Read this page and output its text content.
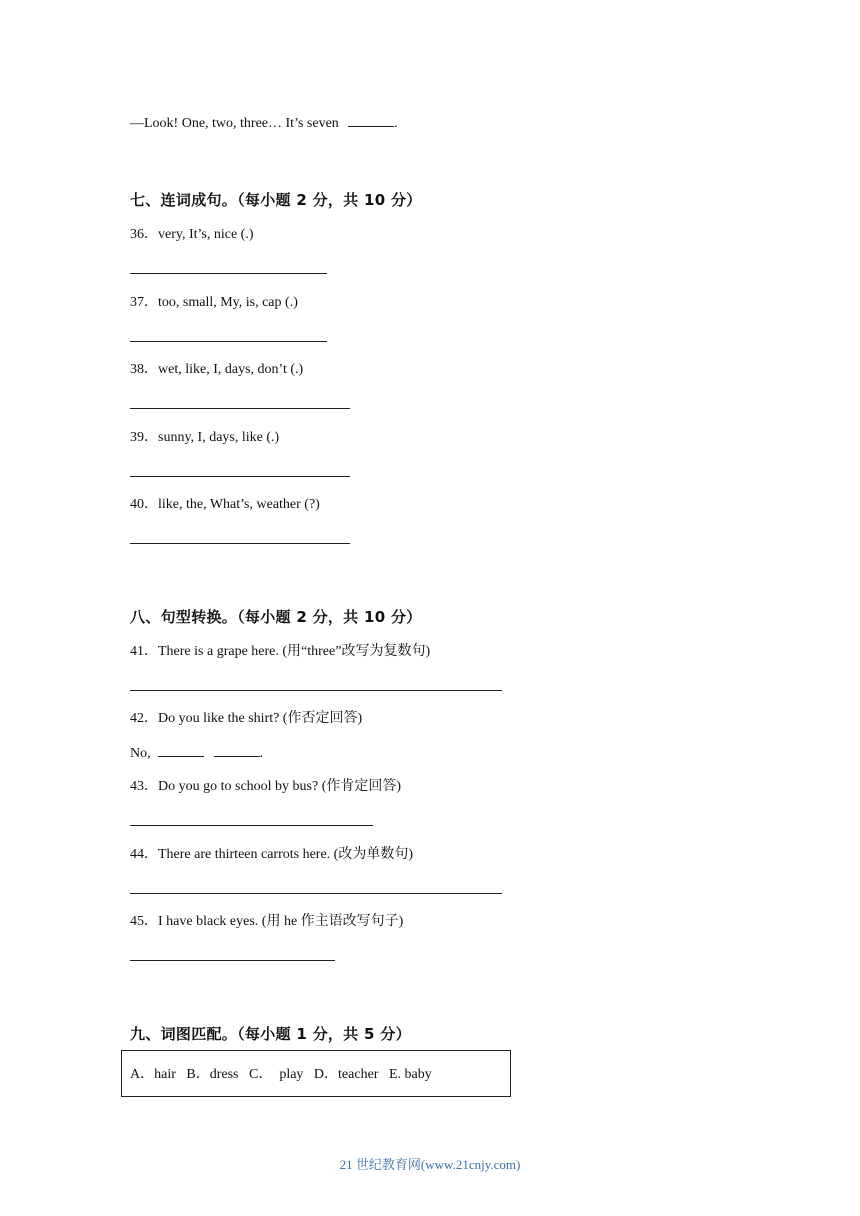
—Look! One, two, three… It’s seven	.
七、连词成句。（每小题 2 分，共 10 分）
36．very, It’s, nice (.)
37．too, small, My, is, cap (.)
38．wet, like, I, days, don’t (.)
39．sunny, I, days, like (.)
40．like, the, What’s, weather (?)
八、句型转换。（每小题 2 分，共 10 分）
41．There is a grape here. (用“three”改写为复数句)
42．Do you like the shirt? (作否定回答)
No,	.
43．Do you go to school by bus? (作肯定回答)
44．There are thirteen carrots here. (改为单数句)
45．I have black eyes. (用 he 作主语改写句子)
九、词图匹配。（每小题 1 分，共 5 分）
A．hair   B．dress   C．  play   D．teacher   E. baby
21 世纪教育网(www.21cnjy.com)
